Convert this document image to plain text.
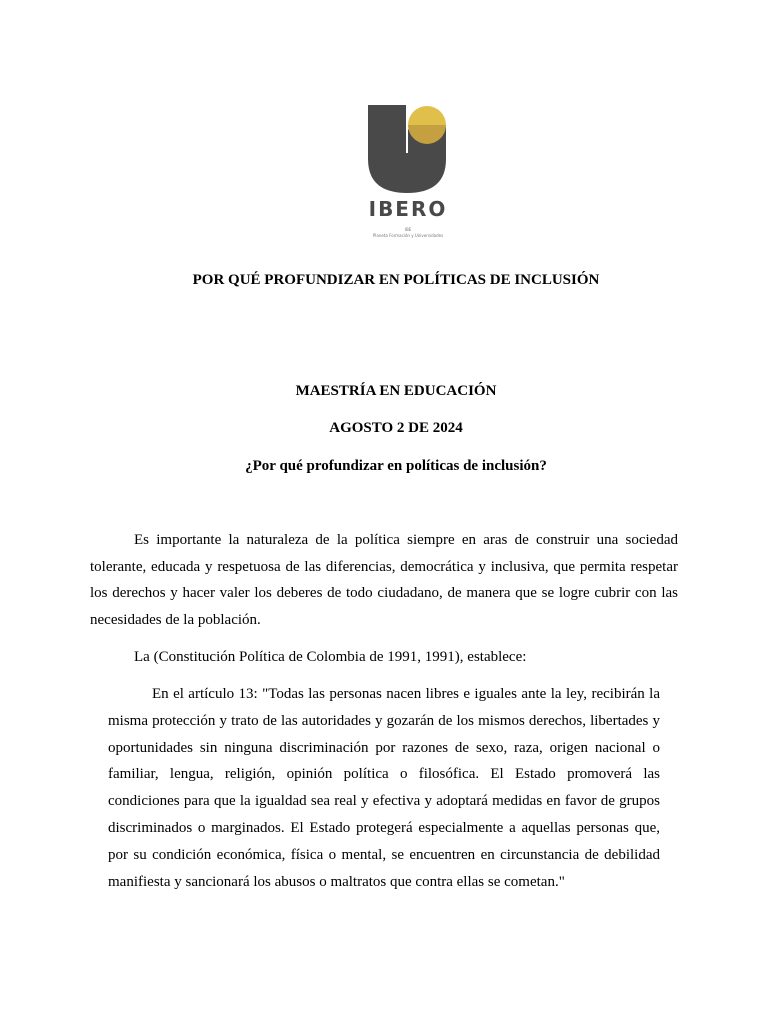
IBERO
IBE
Planeta Formación y Universidades
POR QUÉ PROFUNDIZAR EN POLÍTICAS DE INCLUSIÓN
MAESTRÍA EN EDUCACIÓN
AGOSTO 2 DE 2024
¿Por qué profundizar en políticas de inclusión?

Es importante la naturaleza de la política siempre en aras de construir una sociedad tolerante, educada y respetuosa de las diferencias, democrática y inclusiva, que permita respetar los derechos y hacer valer los deberes de todo ciudadano, de manera que se logre cubrir con las necesidades de la población.

La (Constitución Política de Colombia de 1991, 1991), establece:

En el artículo 13: "Todas las personas nacen libres e iguales ante la ley, recibirán la misma protección y trato de las autoridades y gozarán de los mismos derechos, libertades y oportunidades sin ninguna discriminación por razones de sexo, raza, origen nacional o familiar, lengua, religión, opinión política o filosófica. El Estado promoverá las condiciones para que la igualdad sea real y efectiva y adoptará medidas en favor de grupos discriminados o marginados. El Estado protegerá especialmente a aquellas personas que, por su condición económica, física o mental, se encuentren en circunstancia de debilidad manifiesta y sancionará los abusos o maltratos que contra ellas se cometan."
